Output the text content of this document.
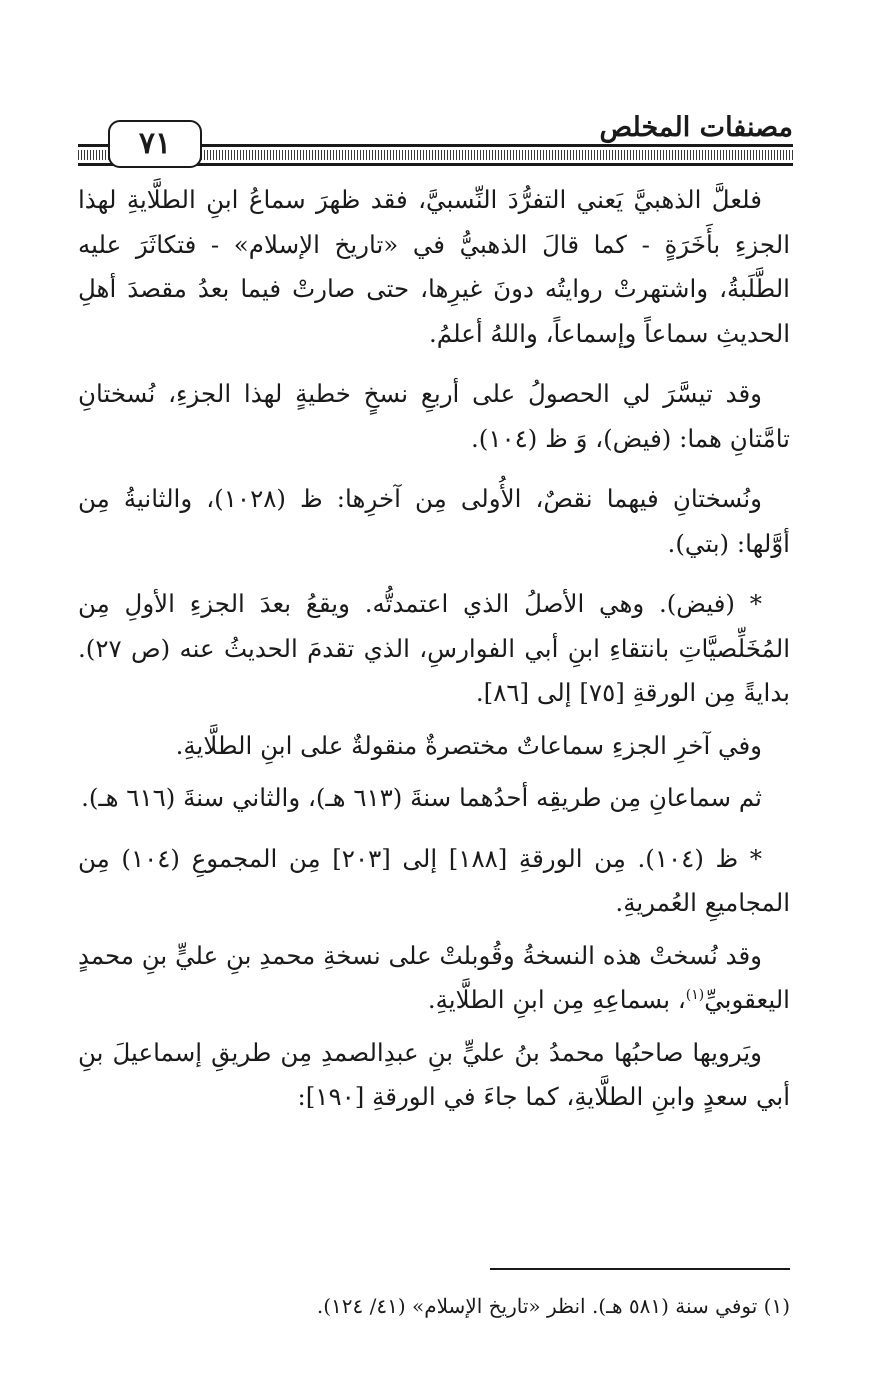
مصنفات المخلص
٧١

فلعلَّ الذهبيَّ يَعني التفرُّدَ النِّسبيَّ، فقد ظهرَ سماعُ ابنِ الطلَّايةِ لهذا الجزءِ بأَخَرَةٍ - كما قالَ الذهبيُّ في «تاريخ الإسلام» - فتكاثَرَ عليه الطَّلَبةُ، واشتهرتْ روايتُه دونَ غيرِها، حتى صارتْ فيما بعدُ مقصدَ أهلِ الحديثِ سماعاً وإسماعاً، واللهُ أعلمُ.

وقد تيسَّرَ لي الحصولُ على أربعِ نسخٍ خطيةٍ لهذا الجزءِ، نُسختانِ تامَّتانِ هما: (فيض)، وَ ظ (١٠٤).

ونُسختانِ فيهما نقصٌ، الأُولى مِن آخرِها: ظ (١٠٢٨)، والثانيةُ مِن أوَّلها: (بتي).

* (فيض). وهي الأصلُ الذي اعتمدتُّه. ويقعُ بعدَ الجزءِ الأولِ مِن المُخَلِّصيَّاتِ بانتقاءِ ابنِ أبي الفوارسِ، الذي تقدمَ الحديثُ عنه (ص ٢٧). بدايةً مِن الورقةِ [٧٥] إلى [٨٦].

وفي آخرِ الجزءِ سماعاتٌ مختصرةٌ منقولةٌ على ابنِ الطلَّايةِ.

ثم سماعانِ مِن طريقِه أحدُهما سنةَ (٦١٣ هـ)، والثاني سنةَ (٦١٦ هـ).

* ظ (١٠٤). مِن الورقةِ [١٨٨] إلى [٢٠٣] مِن المجموعِ (١٠٤) مِن المجاميعِ العُمريةِ.

وقد نُسختْ هذه النسخةُ وقُوبلتْ على نسخةِ محمدِ بنِ عليٍّ بنِ محمدٍ اليعقوبيِّ$^{(١)}$، بسماعِهِ مِن ابنِ الطلَّايةِ.

ويَرويها صاحبُها محمدُ بنُ عليٍّ بنِ عبدِالصمدِ مِن طريقِ إسماعيلَ بنِ أبي سعدٍ وابنِ الطلَّايةِ، كما جاءَ في الورقةِ [١٩٠]:

(١) توفي سنة (٥٨١ هـ). انظر «تاريخ الإسلام» (٤١/ ١٢٤).
